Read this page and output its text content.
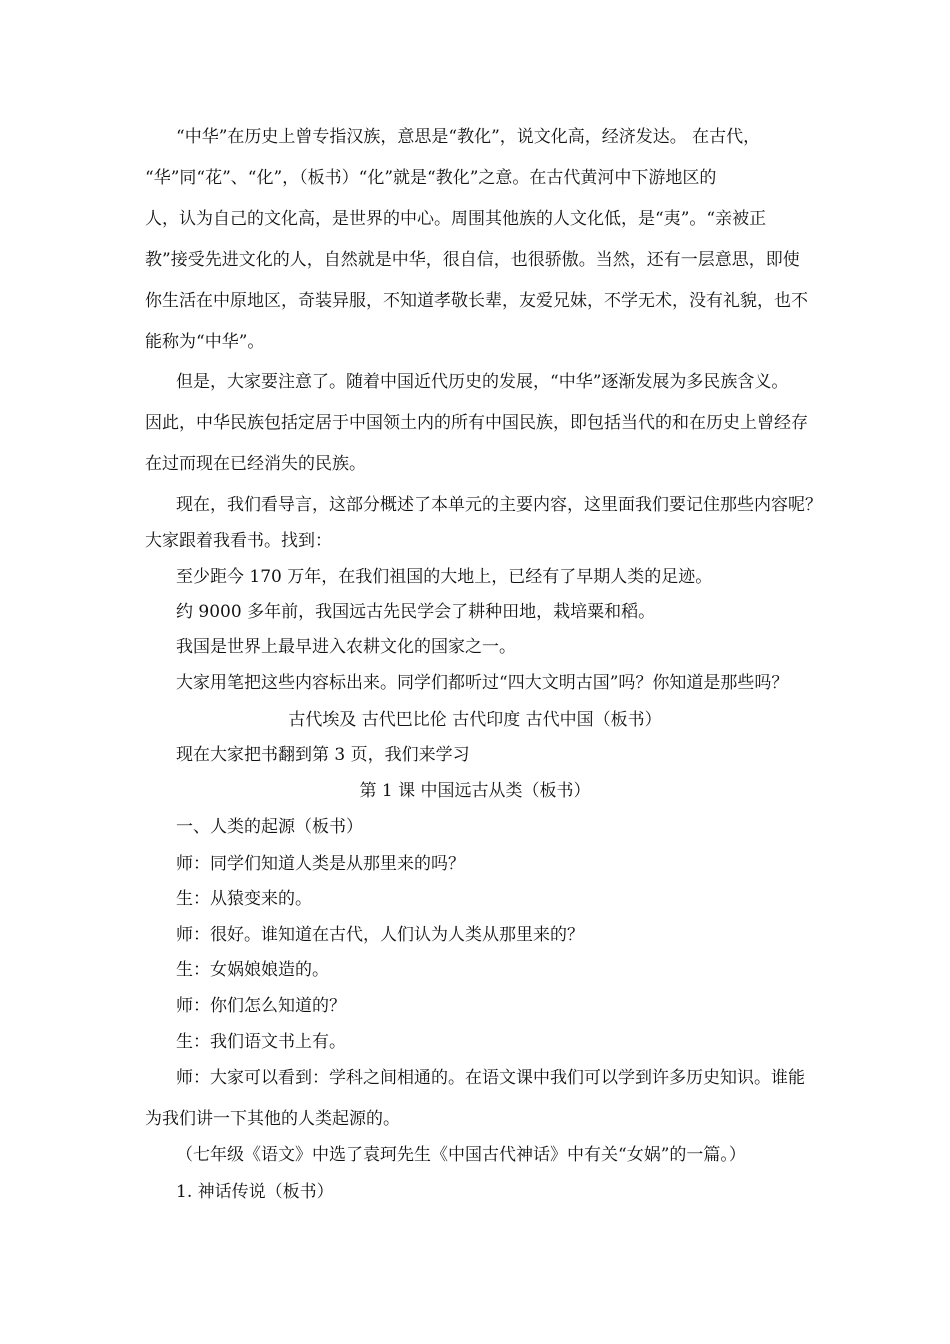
“中华”在历史上曾专指汉族，意思是“教化”，说文化高，经济发达。 在古代，
“华”同“花”、“化”，（板书）“化”就是“教化”之意。在古代黄河中下游地区的
人，认为自己的文化高，是世界的中心。周围其他族的人文化低，是“夷”。“亲被正
教”接受先进文化的人，自然就是中华，很自信，也很骄傲。当然，还有一层意思，即使
你生活在中原地区，奇装异服，不知道孝敬长辈，友爱兄妹，不学无术，没有礼貌，也不
能称为“中华”。
但是，大家要注意了。随着中国近代历史的发展，“中华”逐渐发展为多民族含义。
因此，中华民族包括定居于中国领土内的所有中国民族，即包括当代的和在历史上曾经存
在过而现在已经消失的民族。
现在，我们看导言，这部分概述了本单元的主要内容，这里面我们要记住那些内容呢？
大家跟着我看书。找到：
至少距今 170 万年，在我们祖国的大地上，已经有了早期人类的足迹。
约 9000 多年前，我国远古先民学会了耕种田地，栽培粟和稻。
我国是世界上最早进入农耕文化的国家之一。
大家用笔把这些内容标出来。同学们都听过“四大文明古国”吗？你知道是那些吗？
古代埃及 古代巴比伦 古代印度 古代中国（板书）
现在大家把书翻到第 3 页，我们来学习
第 1 课 中国远古从类（板书）
一、人类的起源（板书）
师：同学们知道人类是从那里来的吗？
生：从猿变来的。
师：很好。谁知道在古代，人们认为人类从那里来的？
生：女娲娘娘造的。
师：你们怎么知道的？
生：我们语文书上有。
师：大家可以看到：学科之间相通的。在语文课中我们可以学到许多历史知识。谁能
为我们讲一下其他的人类起源的。
（七年级《语文》中选了袁珂先生《中国古代神话》中有关“女娲”的一篇。）
1. 神话传说（板书）
